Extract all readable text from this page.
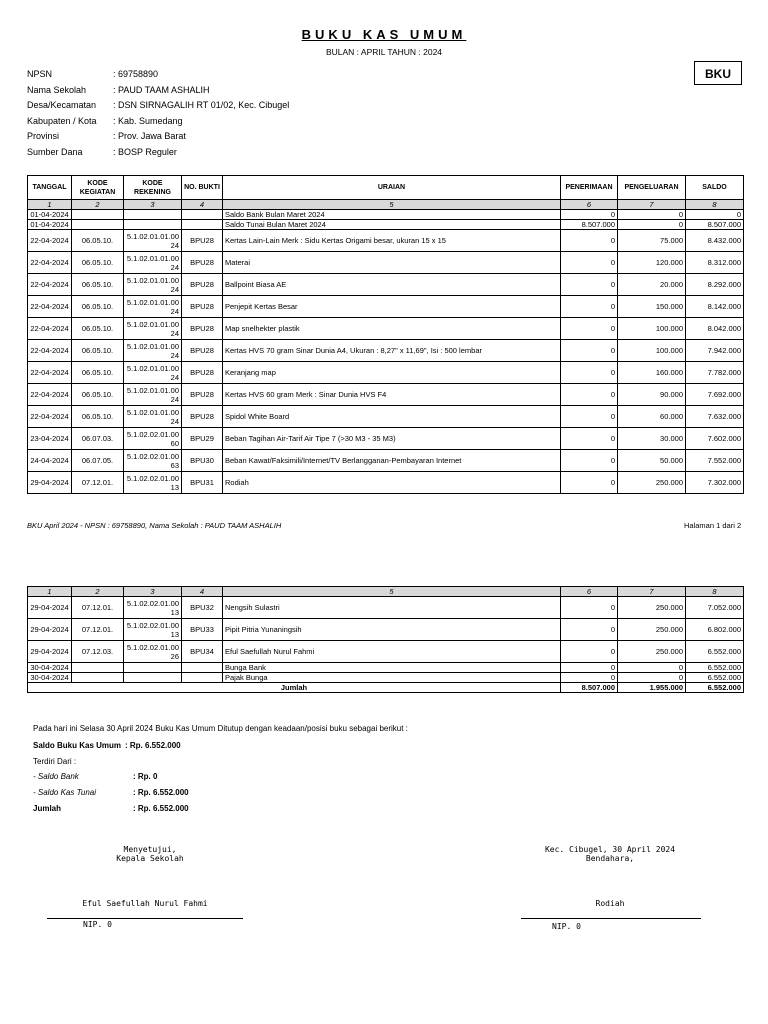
BUKU KAS UMUM
BULAN : APRIL TAHUN : 2024
BKU
NPSN	: 69758890
Nama Sekolah	: PAUD TAAM ASHALIH
Desa/Kecamatan	: DSN SIRNAGALIH RT 01/02, Kec. Cibugel
Kabupaten / Kota	: Kab. Sumedang
Provinsi	: Prov. Jawa Barat
Sumber Dana	: BOSP Reguler
TANGGAL	KODE KEGIATAN	KODE REKENING	NO. BUKTI	URAIAN	PENERIMAAN	PENGELUARAN	SALDO
1	2	3	4	5	6	7	8
01-04-2024				Saldo Bank Bulan Maret 2024	0	0	0
01-04-2024				Saldo Tunai Bulan Maret 2024	8.507.000	0	8.507.000
22-04-2024	06.05.10.	5.1.02.01.01.00 24	BPU28	Kertas Lain-Lain Merk : Sidu Kertas Origami besar, ukuran 15 x 15	0	75.000	8.432.000
22-04-2024	06.05.10.	5.1.02.01.01.00 24	BPU28	Materai	0	120.000	8.312.000
22-04-2024	06.05.10.	5.1.02.01.01.00 24	BPU28	Ballpoint Biasa AE	0	20.000	8.292.000
22-04-2024	06.05.10.	5.1.02.01.01.00 24	BPU28	Penjepit Kertas Besar	0	150.000	8.142.000
22-04-2024	06.05.10.	5.1.02.01.01.00 24	BPU28	Map snelhekter plastik	0	100.000	8.042.000
22-04-2024	06.05.10.	5.1.02.01.01.00 24	BPU28	Kertas HVS 70 gram Sinar Dunia A4, Ukuran : 8,27" x 11,69", Isi : 500 lembar	0	100.000	7.942.000
22-04-2024	06.05.10.	5.1.02.01.01.00 24	BPU28	Keranjang map	0	160.000	7.782.000
22-04-2024	06.05.10.	5.1.02.01.01.00 24	BPU28	Kertas HVS 60 gram Merk : Sinar Dunia HVS F4	0	90.000	7.692.000
22-04-2024	06.05.10.	5.1.02.01.01.00 24	BPU28	Spidol White Board	0	60.000	7.632.000
23-04-2024	06.07.03.	5.1.02.02.01.00 60	BPU29	Beban Tagihan Air-Tarif Air Tipe 7 (>30 M3 - 35 M3)	0	30.000	7.602.000
24-04-2024	06.07.05.	5.1.02.02.01.00 63	BPU30	Beban Kawat/Faksimili/Internet/TV Berlangganan-Pembayaran Internet	0	50.000	7.552.000
29-04-2024	07.12.01.	5.1.02.02.01.00 13	BPU31	Rodiah	0	250.000	7.302.000
BKU April 2024 - NPSN : 69758890, Nama Sekolah : PAUD TAAM ASHALIH	Halaman 1 dari 2
1	2	3	4	5	6	7	8
29-04-2024	07.12.01.	5.1.02.02.01.00 13	BPU32	Nengsih Sulastri	0	250.000	7.052.000
29-04-2024	07.12.01.	5.1.02.02.01.00 13	BPU33	Pipit Pitria Yunaningsih	0	250.000	6.802.000
29-04-2024	07.12.03.	5.1.02.02.01.00 26	BPU34	Eful Saefullah Nurul Fahmi	0	250.000	6.552.000
30-04-2024				Bunga Bank	0	0	6.552.000
30-04-2024				Pajak Bunga	0	0	6.552.000
Jumlah					8.507.000	1.955.000	6.552.000
Pada hari ini Selasa 30 April 2024 Buku Kas Umum Ditutup dengan keadaan/posisi buku sebagai berikut :
Saldo Buku Kas Umum : Rp. 6.552.000
Terdiri Dari :
- Saldo Bank	: Rp. 0
- Saldo Kas Tunai	: Rp. 6.552.000
Jumlah	: Rp. 6.552.000
Menyetujui,
Kepala Sekolah
Eful Saefullah Nurul Fahmi
NIP. 0
Kec. Cibugel, 30 April 2024
Bendahara,
Rodiah
NIP. 0
